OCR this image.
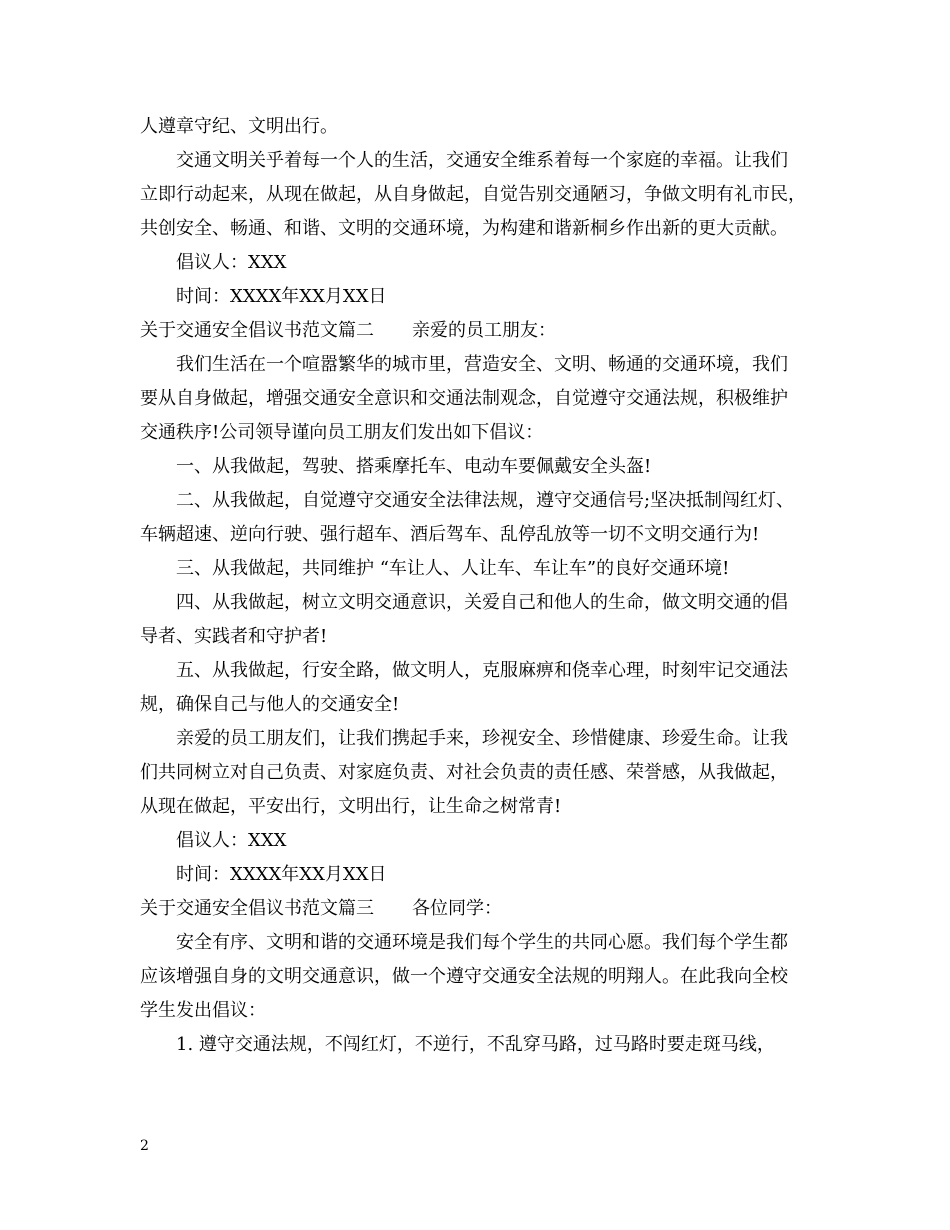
人遵章守纪、文明出行。
交通文明关乎着每一个人的生活，交通安全维系着每一个家庭的幸福。让我们
立即行动起来，从现在做起，从自身做起，自觉告别交通陋习，争做文明有礼市民，
共创安全、畅通、和谐、文明的交通环境，为构建和谐新桐乡作出新的更大贡献。
倡议人：XXX
时间：XXXX年XX月XX日
关于交通安全倡议书范文篇二 亲爱的员工朋友：
我们生活在一个喧嚣繁华的城市里，营造安全、文明、畅通的交通环境，我们
要从自身做起，增强交通安全意识和交通法制观念，自觉遵守交通法规，积极维护
交通秩序!公司领导谨向员工朋友们发出如下倡议：
一、从我做起，驾驶、搭乘摩托车、电动车要佩戴安全头盔!
二、从我做起，自觉遵守交通安全法律法规，遵守交通信号;坚决抵制闯红灯、
车辆超速、逆向行驶、强行超车、酒后驾车、乱停乱放等一切不文明交通行为!
三、从我做起，共同维护 “车让人、人让车、车让车”的良好交通环境!
四、从我做起，树立文明交通意识，关爱自己和他人的生命，做文明交通的倡
导者、实践者和守护者!
五、从我做起，行安全路，做文明人，克服麻痹和侥幸心理，时刻牢记交通法
规，确保自己与他人的交通安全!
亲爱的员工朋友们，让我们携起手来，珍视安全、珍惜健康、珍爱生命。让我
们共同树立对自己负责、对家庭负责、对社会负责的责任感、荣誉感，从我做起，
从现在做起，平安出行，文明出行，让生命之树常青!
倡议人：XXX
时间：XXXX年XX月XX日
关于交通安全倡议书范文篇三 各位同学：
安全有序、文明和谐的交通环境是我们每个学生的共同心愿。我们每个学生都
应该增强自身的文明交通意识，做一个遵守交通安全法规的明翔人。在此我向全校
学生发出倡议：
1. 遵守交通法规，不闯红灯，不逆行，不乱穿马路，过马路时要走斑马线，
2
